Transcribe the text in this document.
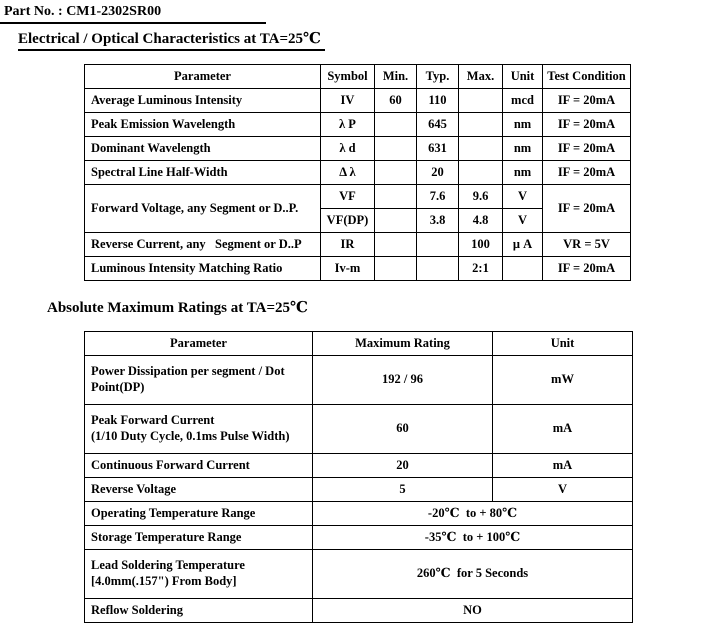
Part No. : CM1-2302SR00
Electrical / Optical Characteristics at TA=25℃
Parameter	Symbol	Min.	Typ.	Max.	Unit	Test Condition
Average Luminous Intensity	IV	60	110		mcd	IF = 20mA
Peak Emission Wavelength	λ P		645		nm	IF = 20mA
Dominant Wavelength	λ d		631		nm	IF = 20mA
Spectral Line Half-Width	Δ λ		20		nm	IF = 20mA
Forward Voltage, any Segment or D..P.	VF		7.6	9.6	V	IF = 20mA
	VF(DP)		3.8	4.8	V	
Reverse Current, any   Segment or D..P	IR			100	μ A	VR = 5V
Luminous Intensity Matching Ratio	Iv-m			2:1		IF = 20mA
Absolute Maximum Ratings at TA=25℃
Parameter	Maximum Rating	Unit

Power Dissipation per segment / Dot
Point(DP)	192 / 96	mW

Peak Forward Current
(1/10 Duty Cycle, 0.1ms Pulse Width)	60	mA
Continuous Forward Current	20	mA
Reverse Voltage	5	V
Operating Temperature Range	-20℃  to + 80℃	
Storage Temperature Range	-35℃  to + 100℃	

Lead Soldering Temperature
[4.0mm(.157") From Body]	260℃  for 5 Seconds	
Reflow Soldering	NO	
